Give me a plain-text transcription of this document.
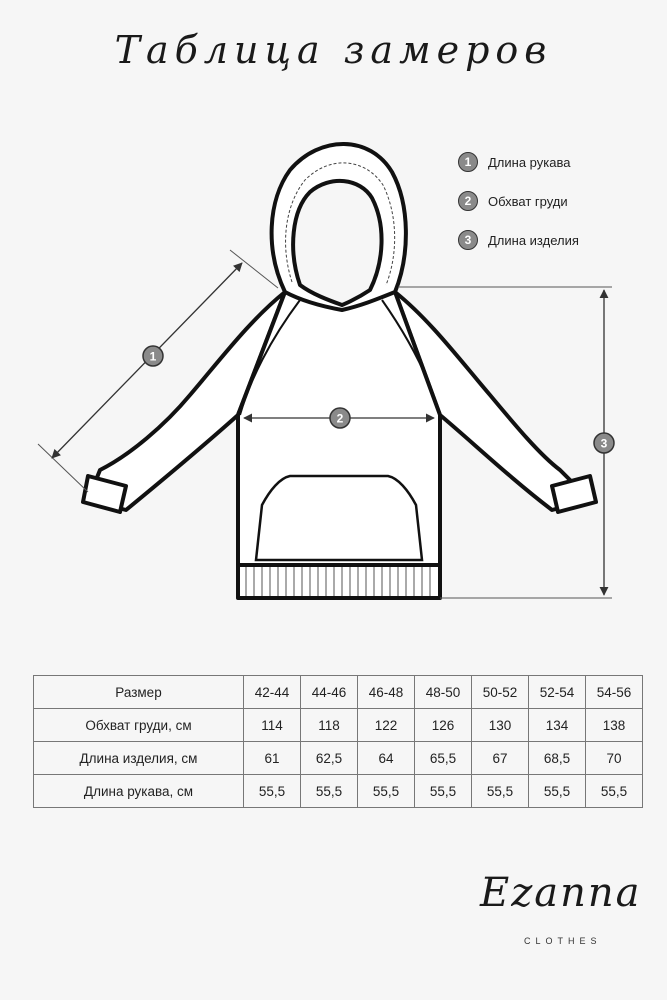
Таблица замеров
1
2
3
1	Длина рукава
2	Обхват груди
3	Длина изделия
Размер	42-44	44-46	46-48	48-50	50-52	52-54	54-56
Обхват груди, см	114	118	122	126	130	134	138
Длина изделия, см	61	62,5	64	65,5	67	68,5	70
Длина рукава, см	55,5	55,5	55,5	55,5	55,5	55,5	55,5
Ezanna
CLOTHES
